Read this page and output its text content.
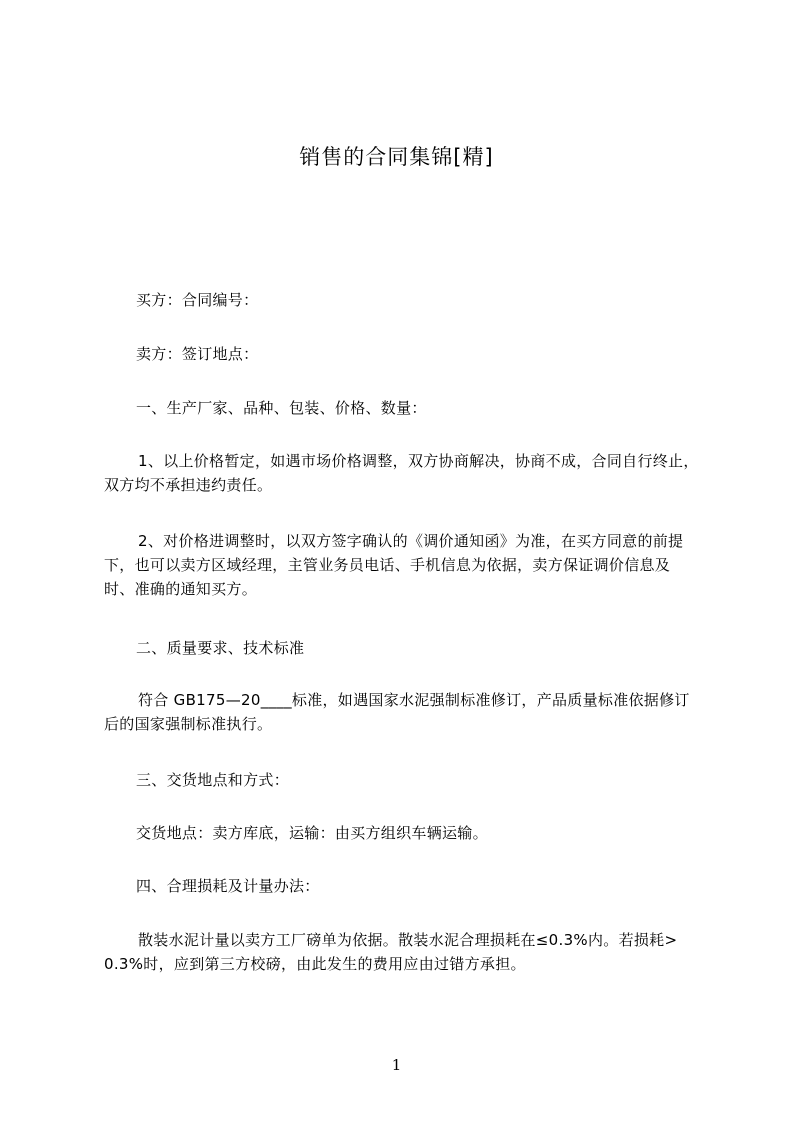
销售的合同集锦[精]
买方：合同编号：
卖方：签订地点：
一、生产厂家、品种、包装、价格、数量：
1、以上价格暂定，如遇市场价格调整，双方协商解决，协商不成，合同自行终止，
双方均不承担违约责任。
2、对价格进调整时，以双方签字确认的《调价通知函》为准，在买方同意的前提
下，也可以卖方区域经理，主管业务员电话、手机信息为依据，卖方保证调价信息及
时、准确的通知买方。
二、质量要求、技术标准
符合 GB175—20____标准，如遇国家水泥强制标准修订，产品质量标准依据修订
后的国家强制标准执行。
三、交货地点和方式：
交货地点：卖方库底，运输：由买方组织车辆运输。
四、合理损耗及计量办法：
散装水泥计量以卖方工厂磅单为依据。散装水泥合理损耗在≤0.3%内。若损耗>
0.3%时，应到第三方校磅，由此发生的费用应由过错方承担。
1
